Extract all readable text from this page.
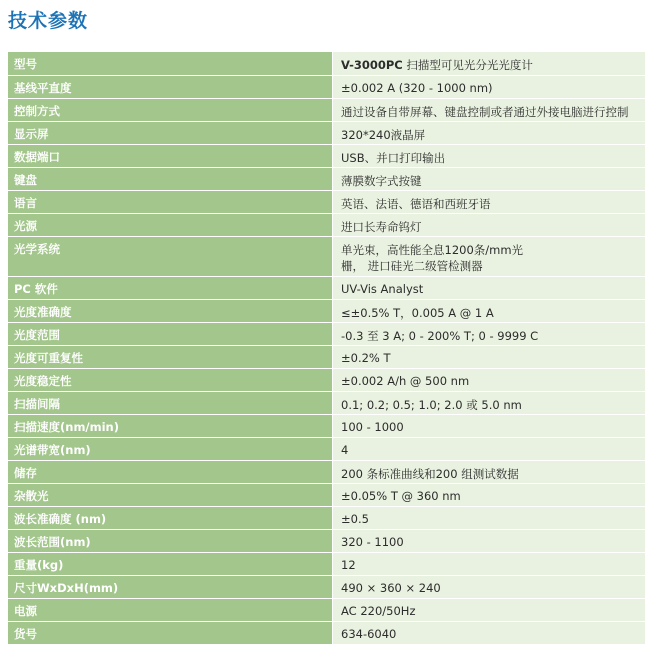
技术参数
型号	V-3000PC 扫描型可见光分光光度计
基线平直度	±0.002 A (320 - 1000 nm)
控制方式	通过设备自带屏幕、键盘控制或者通过外接电脑进行控制
显示屏	320*240液晶屏
数据端口	USB、并口打印输出
键盘	薄膜数字式按键
语言	英语、法语、德语和西班牙语
光源	进口长寿命钨灯
光学系统	单光束，高性能全息1200条/mm光
栅， 进口硅光二级管检测器

PC 软件	UV-Vis Analyst
光度准确度	≤±0.5% T，0.005 A @ 1 A
光度范围	-0.3 至 3 A; 0 - 200% T; 0 - 9999 C
光度可重复性	±0.2% T
光度稳定性	±0.002 A/h @ 500 nm
扫描间隔	0.1; 0.2; 0.5; 1.0; 2.0 或 5.0 nm
扫描速度(nm/min)	100 - 1000
光谱带宽(nm)	4
储存	200 条标准曲线和200 组测试数据
杂散光	±0.05% T @ 360 nm
波长准确度 (nm)	±0.5
波长范围(nm)	320 - 1100
重量(kg)	12
尺寸WxDxH(mm)	490 × 360 × 240
电源	AC 220/50Hz
货号	634-6040
